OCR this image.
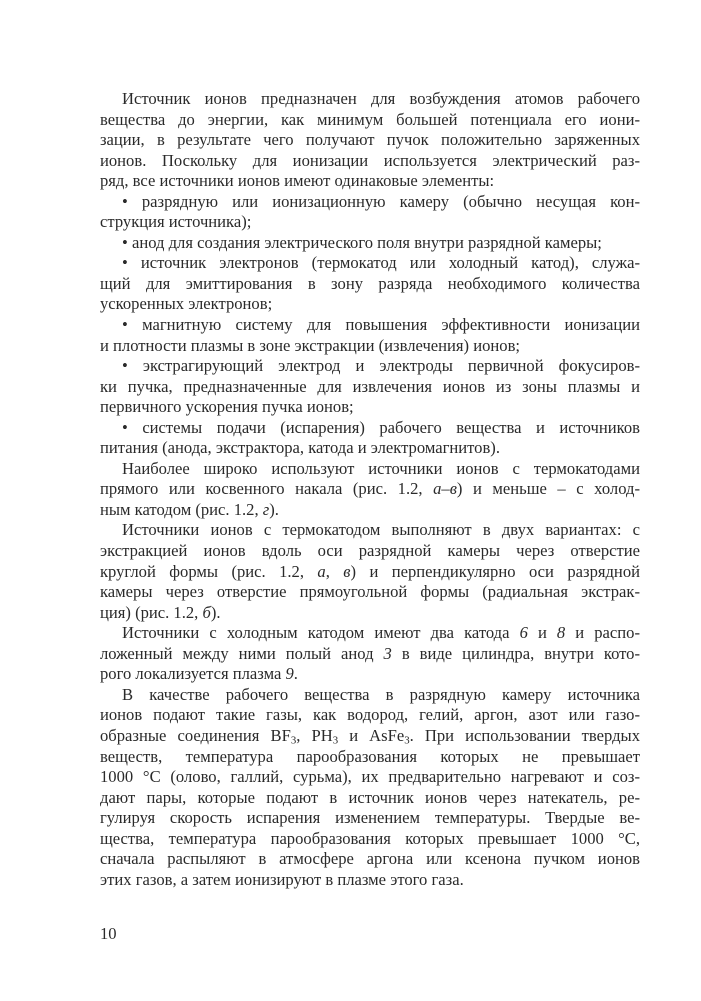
Источник ионов предназначен для возбуждения атомов рабочего
вещества до энергии, как минимум большей потенциала его иони-
зации, в результате чего получают пучок положительно заряженных
ионов. Поскольку для ионизации используется электрический раз-
ряд, все источники ионов имеют одинаковые элементы:
• разрядную или ионизационную камеру (обычно несущая кон-
струкция источника);
• анод для создания электрического поля внутри разрядной камеры;
• источник электронов (термокатод или холодный катод), служа-
щий для эмиттирования в зону разряда необходимого количества
ускоренных электронов;
• магнитную систему для повышения эффективности ионизации
и плотности плазмы в зоне экстракции (извлечения) ионов;
• экстрагирующий электрод и электроды первичной фокусиров-
ки пучка, предназначенные для извлечения ионов из зоны плазмы и
первичного ускорения пучка ионов;
• системы подачи (испарения) рабочего вещества и источников
питания (анода, экстрактора, катода и электромагнитов).
Наиболее широко используют источники ионов с термокатодами
прямого или косвенного накала (рис. 1.2, а–в) и меньше – с холод-
ным катодом (рис. 1.2, г).
Источники ионов с термокатодом выполняют в двух вариантах: с
экстракцией ионов вдоль оси разрядной камеры через отверстие
круглой формы (рис. 1.2, а, в) и перпендикулярно оси разрядной
камеры через отверстие прямоугольной формы (радиальная экстрак-
ция) (рис. 1.2, б).
Источники с холодным катодом имеют два катода 6 и 8 и распо-
ложенный между ними полый анод 3 в виде цилиндра, внутри кото-
рого локализуется плазма 9.
В качестве рабочего вещества в разрядную камеру источника
ионов подают такие газы, как водород, гелий, аргон, азот или газо-
образные соединения $BF_3$, $PH_3$ и AsFe$_3$. При использовании твердых
веществ, температура парообразования которых не превышает
1000 °С (олово, галлий, сурьма), их предварительно нагревают и соз-
дают пары, которые подают в источник ионов через натекатель, ре-
гулируя скорость испарения изменением температуры. Твердые ве-
щества, температура парообразования которых превышает 1000 °С,
сначала распыляют в атмосфере аргона или ксенона пучком ионов
этих газов, а затем ионизируют в плазме этого газа.
10
